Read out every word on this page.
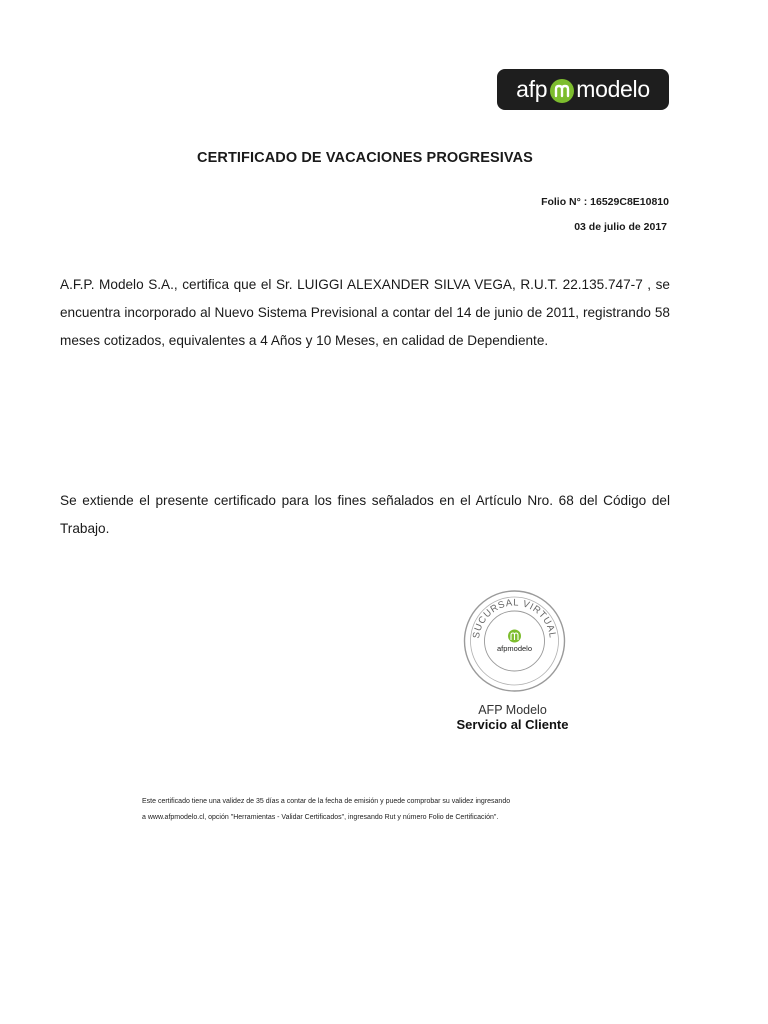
afp modelo
CERTIFICADO DE VACACIONES PROGRESIVAS
Folio N° : 16529C8E10810
03 de julio de 2017
A.F.P. Modelo S.A., certifica que el Sr. LUIGGI ALEXANDER SILVA VEGA, R.U.T. 22.135.747-7 , se encuentra incorporado al Nuevo Sistema Previsional a contar del 14 de junio de 2011, registrando 58 meses cotizados, equivalentes a 4 Años y 10 Meses, en calidad de Dependiente.
Se extiende el presente certificado para los fines señalados en el Artículo Nro. 68 del Código del Trabajo.
SUCURSAL VIRTUAL
afpmodelo
AFP Modelo
Servicio al Cliente
Este certificado tiene una validez de 35 días a contar de la fecha de emisión y puede comprobar su validez ingresando
a www.afpmodelo.cl, opción "Herramientas - Validar Certificados", ingresando Rut y número Folio de Certificación".
